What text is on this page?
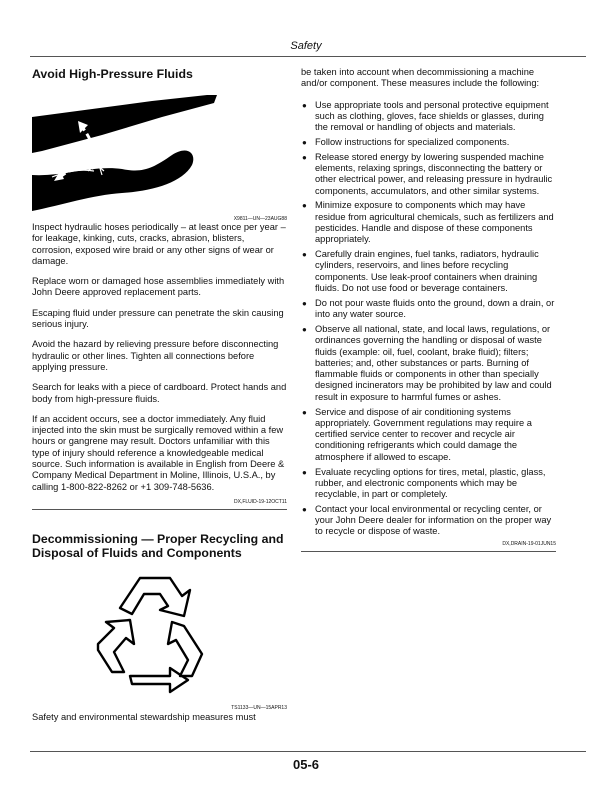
Safety
Avoid High-Pressure Fluids
X9811—UN—23AUG88

Inspect hydraulic hoses periodically – at least once per year – for leakage, kinking, cuts, cracks, abrasion, blisters, corrosion, exposed wire braid or any other signs of wear or damage.

Replace worn or damaged hose assemblies immediately with John Deere approved replacement parts.

Escaping fluid under pressure can penetrate the skin causing serious injury.

Avoid the hazard by relieving pressure before disconnecting hydraulic or other lines. Tighten all connections before applying pressure.

Search for leaks with a piece of cardboard. Protect hands and body from high-pressure fluids.

If an accident occurs, see a doctor immediately. Any fluid injected into the skin must be surgically removed within a few hours or gangrene may result. Doctors unfamiliar with this type of injury should reference a knowledgeable medical source. Such information is available in English from Deere & Company Medical Department in Moline, Illinois, U.S.A., by calling 1-800-822-8262 or +1 309-748-5636.

DX,FLUID-19-12OCT11
Decommissioning — Proper Recycling and Disposal of Fluids and Components
TS1133—UN—15APR13

Safety and environmental stewardship measures must

be taken into account when decommissioning a machine and/or component. These measures include the following:

● Use appropriate tools and personal protective equipment such as clothing, gloves, face shields or glasses, during the removal or handling of objects and materials.
● Follow instructions for specialized components.
● Release stored energy by lowering suspended machine elements, relaxing springs, disconnecting the battery or other electrical power, and releasing pressure in hydraulic components, accumulators, and other similar systems.
● Minimize exposure to components which may have residue from agricultural chemicals, such as fertilizers and pesticides. Handle and dispose of these components appropriately.
● Carefully drain engines, fuel tanks, radiators, hydraulic cylinders, reservoirs, and lines before recycling components. Use leak-proof containers when draining fluids. Do not use food or beverage containers.
● Do not pour waste fluids onto the ground, down a drain, or into any water source.
● Observe all national, state, and local laws, regulations, or ordinances governing the handling or disposal of waste fluids (example: oil, fuel, coolant, brake fluid); filters; batteries; and, other substances or parts. Burning of flammable fluids or components in other than specially designed incinerators may be prohibited by law and could result in exposure to harmful fumes or ashes.
● Service and dispose of air conditioning systems appropriately. Government regulations may require a certified service center to recover and recycle air conditioning refrigerants which could damage the atmosphere if allowed to escape.
● Evaluate recycling options for tires, metal, plastic, glass, rubber, and electronic components which may be recyclable, in part or completely.
● Contact your local environmental or recycling center, or your John Deere dealer for information on the proper way to recycle or dispose of waste.
DX,DRAIN-19-01JUN15
05-6
